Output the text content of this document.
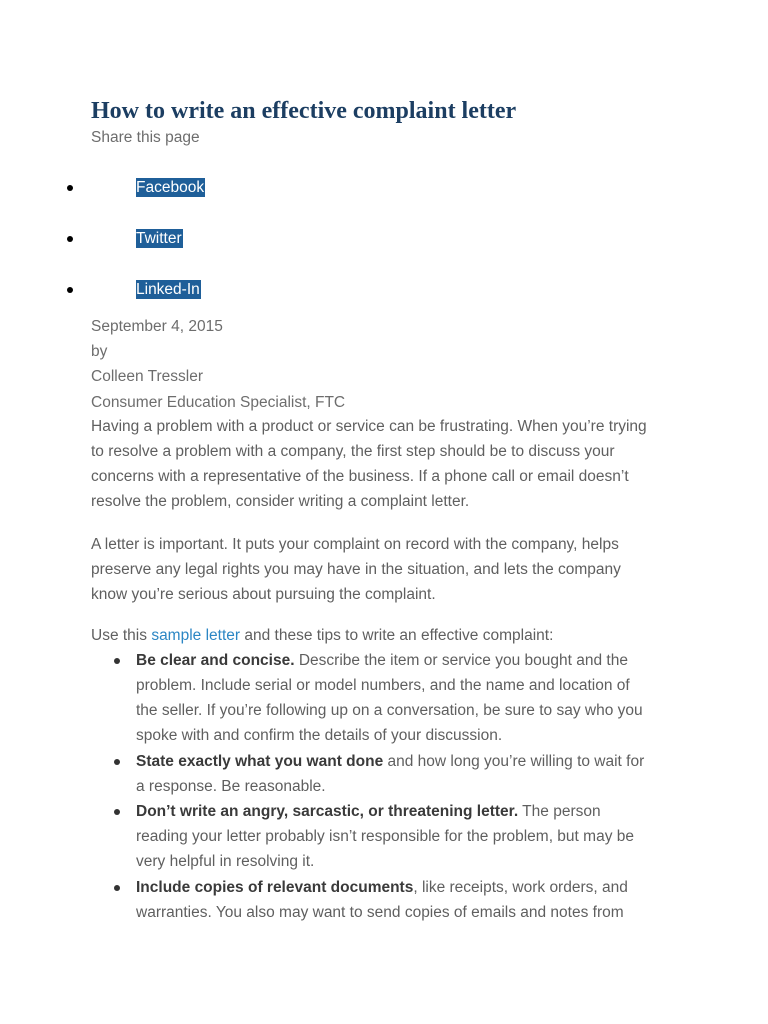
How to write an effective complaint letter
Share this page
Facebook
Twitter
Linked-In
September 4, 2015
by
Colleen Tressler
Consumer Education Specialist, FTC

Having a problem with a product or service can be frustrating. When you’re trying
to resolve a problem with a company, the first step should be to discuss your
concerns with a representative of the business. If a phone call or email doesn’t
resolve the problem, consider writing a complaint letter.

A letter is important. It puts your complaint on record with the company, helps
preserve any legal rights you may have in the situation, and lets the company
know you’re serious about pursuing the complaint.

Use this sample letter and these tips to write an effective complaint:

Be clear and concise. Describe the item or service you bought and the
problem. Include serial or model numbers, and the name and location of
the seller. If you’re following up on a conversation, be sure to say who you
spoke with and confirm the details of your discussion.
State exactly what you want done and how long you’re willing to wait for
a response. Be reasonable.
Don’t write an angry, sarcastic, or threatening letter. The person
reading your letter probably isn’t responsible for the problem, but may be
very helpful in resolving it.
Include copies of relevant documents, like receipts, work orders, and
warranties. You also may want to send copies of emails and notes from
